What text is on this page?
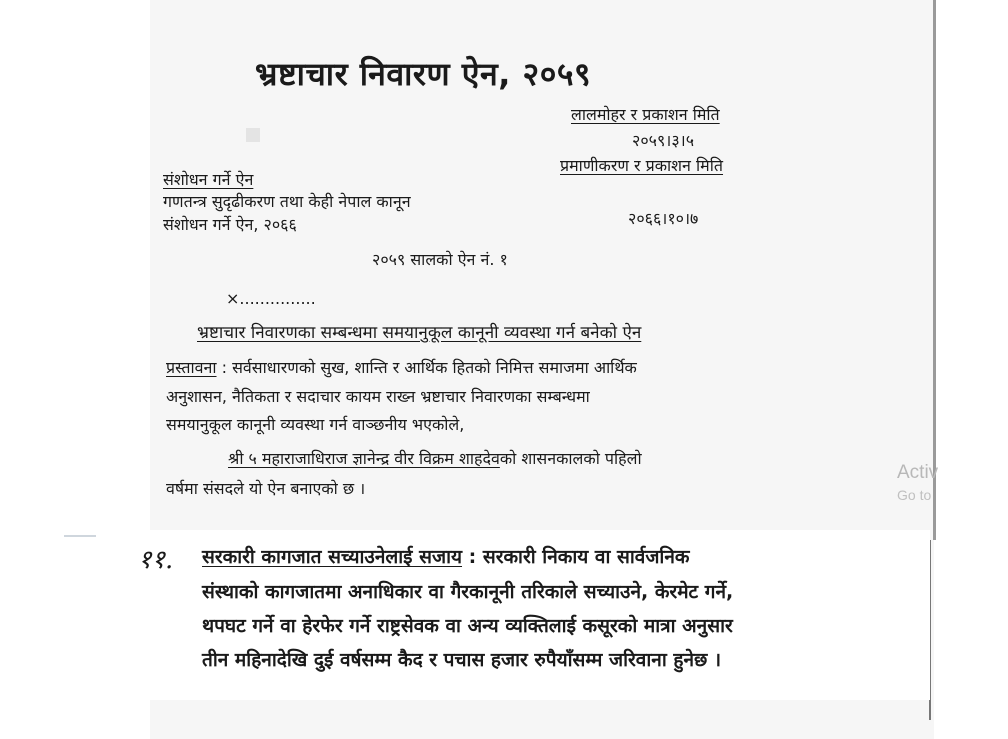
भ्रष्टाचार निवारण ऐन, २०५९
लालमोहर र प्रकाशन मिति
२०५९।३।५
प्रमाणीकरण र प्रकाशन मिति
२०६६।१०।७
संशोधन गर्ने ऐन
गणतन्त्र सुदृढीकरण तथा केही नेपाल कानून
संशोधन गर्ने ऐन, २०६६
२०५९ सालको ऐन नं. १
×...............
भ्रष्टाचार निवारणका सम्बन्धमा समयानुकूल कानूनी व्यवस्था गर्न बनेको ऐन
प्रस्तावना : सर्वसाधारणको सुख, शान्ति र आर्थिक हितको निमित्त समाजमा आर्थिक
अनुशासन, नैतिकता र सदाचार कायम राख्न भ्रष्टाचार निवारणका सम्बन्धमा
समयानुकूल कानूनी व्यवस्था गर्न वाञ्छनीय भएकोले,
श्री ५ महाराजाधिराज ज्ञानेन्द्र वीर विक्रम शाहदेवको शासनकालको पहिलो
वर्षमा संसदले यो ऐन बनाएको छ ।
Activ
Go to
११. सरकारी कागजात सच्याउनेलाई सजाय : सरकारी निकाय वा सार्वजनिक
संस्थाको कागजातमा अनाधिकार वा गैरकानूनी तरिकाले सच्याउने, केरमेट गर्ने,
थपघट गर्ने वा हेरफेर गर्ने राष्ट्रसेवक वा अन्य व्यक्तिलाई कसूरको मात्रा अनुसार
तीन महिनादेखि दुई वर्षसम्म कैद र पचास हजार रुपैयाँसम्म जरिवाना हुनेछ ।
